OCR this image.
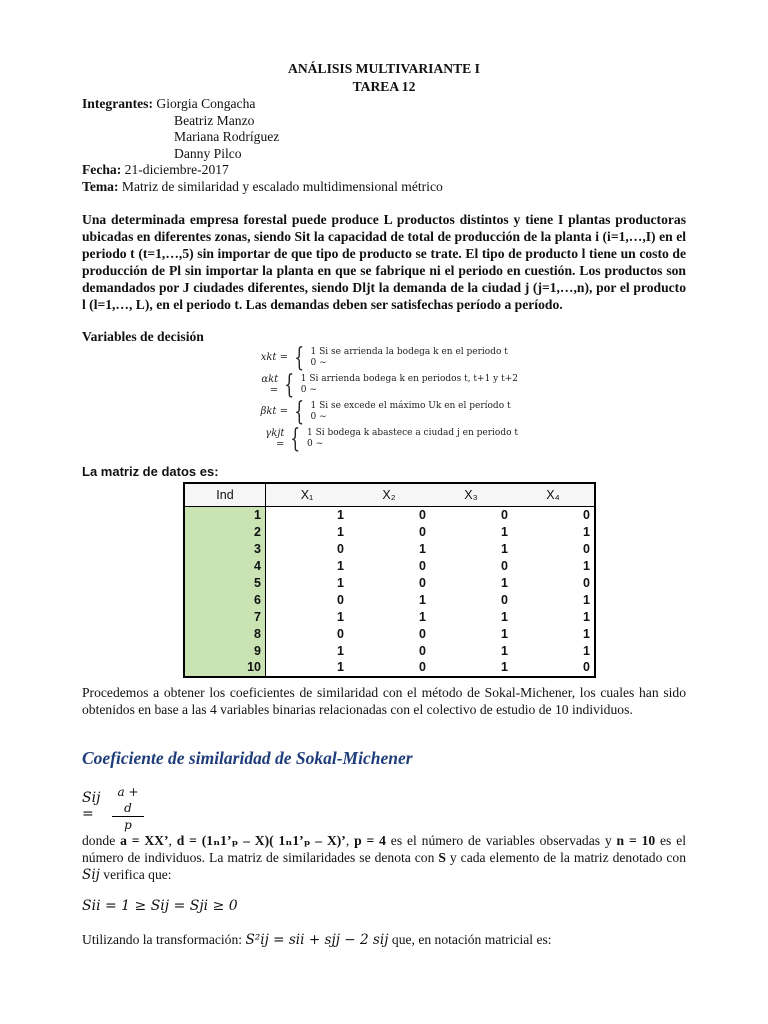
ANÁLISIS MULTIVARIANTE I
TAREA 12
Integrantes: Giorgia Congacha
Beatriz Manzo
Mariana Rodríguez
Danny Pilco
Fecha: 21-diciembre-2017
Tema: Matriz de similaridad y escalado multidimensional métrico
Una determinada empresa forestal puede produce L productos distintos y tiene I plantas productoras ubicadas en diferentes zonas, siendo Sit la capacidad de total de producción de la planta i (i=1,…,I) en el periodo t (t=1,…,5) sin importar de que tipo de producto se trate. El tipo de producto l tiene un costo de producción de Pl sin importar la planta en que se fabrique ni el periodo en cuestión. Los productos son demandados por J ciudades diferentes, siendo Dljt la demanda de la ciudad j (j=1,…,n), por el producto l (l=1,…, L), en el periodo t. Las demandas deben ser satisfechas período a período.
Variables de decisión
xkt = { 1 Si se arrienda la bodega k en el periodo t
0 ∼
αkt = { 1 Si arrienda bodega k en periodos t, t+1 y t+2
0 ∼
βkt = { 1 Si se excede el máximo Uk en el período t
0 ∼
γkjt = { 1 Si bodega k abastece a ciudad j en periodo t
0 ∼
La matriz de datos es:
Ind	X₁	X₂	X₃	X₄
1	1	0	0	0
2	1	0	1	1
3	0	1	1	0
4	1	0	0	1
5	1	0	1	0
6	0	1	0	1
7	1	1	1	1
8	0	0	1	1
9	1	0	1	1
10	1	0	1	0
Procedemos a obtener los coeficientes de similaridad con el método de Sokal-Michener, los cuales han sido obtenidos en base a las 4 variables binarias relacionadas con el colectivo de estudio de 10 individuos.
Coeficiente de similaridad de Sokal-Michener
Sij =	$\frac{a + d}{p}$
donde a = XX’, d = (1ₙ1’ₚ – X)( 1ₙ1’ₚ – X)’, p = 4 es el número de variables observadas y n = 10 es el número de individuos. La matriz de similaridades se denota con S y cada elemento de la matriz denotado con Sij verifica que:
Sii = 1 ≥ Sij = Sji ≥ 0
Utilizando la transformación: S²ij = sii + sjj − 2 sij que, en notación matricial es:
